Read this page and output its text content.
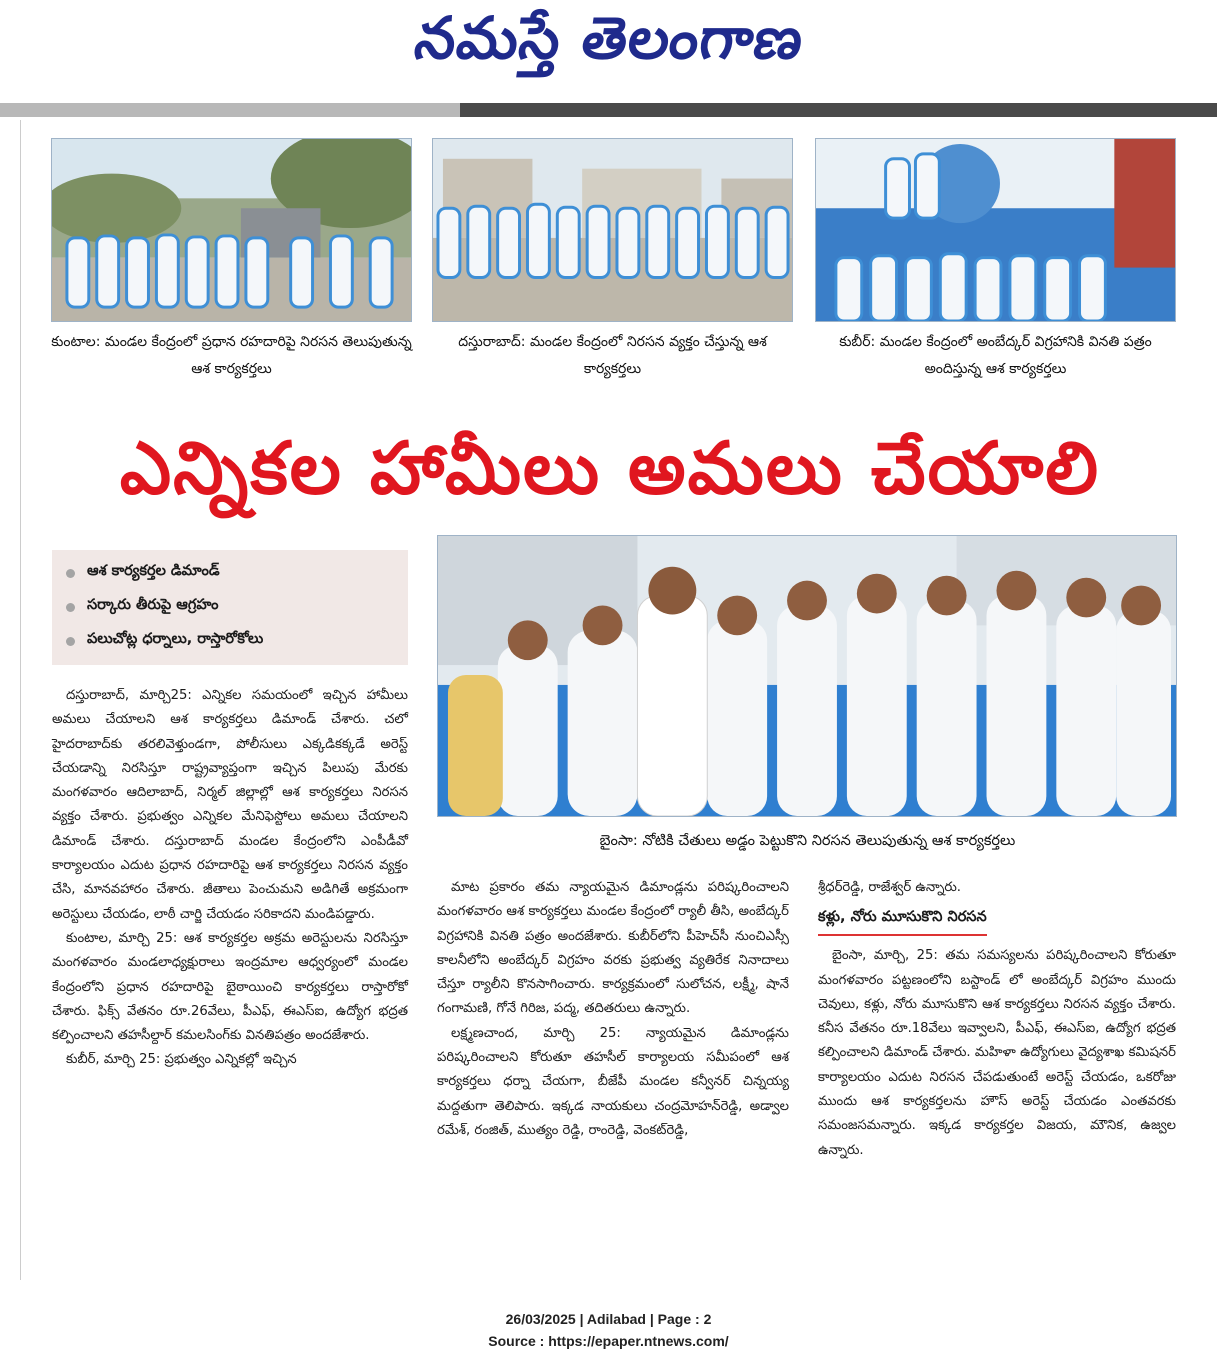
నమస్తే తెలంగాణ
కుంటాల: మండల కేంద్రంలో ప్రధాన రహదారిపై నిరసన తెలుపుతున్న ఆశ కార్యకర్తలు
దస్తురాబాద్: మండల కేంద్రంలో నిరసన వ్యక్తం చేస్తున్న ఆశ కార్యకర్తలు
కుబీర్: మండల కేంద్రంలో అంబేద్కర్ విగ్రహానికి వినతి పత్రం అందిస్తున్న ఆశ కార్యకర్తలు
ఎన్నికల హామీలు అమలు చేయాలి
ఆశ కార్యకర్తల డిమాండ్
సర్కారు తీరుపై ఆగ్రహం
పలుచోట్ల ధర్నాలు, రాస్తారోకోలు
బైంసా: నోటికి చేతులు అడ్డం పెట్టుకొని నిరసన తెలుపుతున్న ఆశ కార్యకర్తలు

దస్తురాబాద్, మార్చి25: ఎన్నికల సమయంలో ఇచ్చిన హామీలు అమలు చేయాలని ఆశ కార్యకర్తలు డిమాండ్ చేశారు. చలో హైదరాబాద్‌కు తరలివెళ్తుండగా, పోలీసులు ఎక్కడికక్కడే అరెస్ట్ చేయడాన్ని నిరసిస్తూ రాష్ట్రవ్యాప్తంగా ఇచ్చిన పిలుపు మేరకు మంగళవారం ఆదిలాబాద్, నిర్మల్ జిల్లాల్లో ఆశ కార్యకర్తలు నిరసన వ్యక్తం చేశారు. ప్రభుత్వం ఎన్నికల మేనిఫెస్టోలు అమలు చేయాలని డిమాండ్ చేశారు. దస్తురాబాద్ మండల కేంద్రంలోని ఎంపీడీవో కార్యాలయం ఎదుట ప్రధాన రహదారిపై ఆశ కార్యకర్తలు నిరసన వ్యక్తం చేసి, మానవహారం చేశారు. జీతాలు పెంచుమని అడిగితే అక్రమంగా అరెస్టులు చేయడం, లాఠీ చార్జి చేయడం సరికాదని మండిపడ్డారు.

కుంటాల, మార్చి 25: ఆశ కార్యకర్తల అక్రమ అరెస్టులను నిరసిస్తూ మంగళవారం మండలాధ్యక్షురాలు ఇంద్రమాల ఆధ్వర్యంలో మండల కేంద్రంలోని ప్రధాన రహదారిపై బైఠాయించి కార్యకర్తలు రాస్తారోకో చేశారు. ఫిక్స్ వేతనం రూ.26వేలు, పీఎఫ్, ఈఎస్ఐ, ఉద్యోగ భద్రత కల్పించాలని తహసీల్దార్ కమలసింగ్‌కు వినతిపత్రం అందజేశారు.

కుబీర్, మార్చి 25: ప్రభుత్వం ఎన్నికల్లో ఇచ్చిన

మాట ప్రకారం తమ న్యాయమైన డిమాండ్లను పరిష్కరించాలని మంగళవారం ఆశ కార్యకర్తలు మండల కేంద్రంలో ర్యాలీ తీసి, అంబేద్కర్ విగ్రహానికి వినతి పత్రం అందజేశారు. కుబీర్‌లోని పీహెచ్‌సీ నుంచిఎస్సీ కాలనీలోని అంబేద్కర్ విగ్రహం వరకు ప్రభుత్వ వ్యతిరేక నినాదాలు చేస్తూ ర్యాలీని కొనసాగించారు. కార్యక్రమంలో సులోచన, లక్ష్మీ, షానే గంగామణి, గోనే గిరిజ, పద్మ, తదితరులు ఉన్నారు.

లక్ష్మణచాంద, మార్చి 25: న్యాయమైన డిమాండ్లను పరిష్కరించాలని కోరుతూ తహసీల్ కార్యాలయ సమీపంలో ఆశ కార్యకర్తలు ధర్నా చేయగా, బీజేపీ మండల కన్వీనర్ చిన్నయ్య మద్దతుగా తెలిపారు. ఇక్కడ నాయకులు చంద్రమోహన్‌రెడ్డి, అడ్వాల రమేశ్, రంజిత్, ముత్యం రెడ్డి, రాంరెడ్డి, వెంకట్‌రెడ్డి,

శ్రీధర్‌రెడ్డి, రాజేశ్వర్ ఉన్నారు.

కళ్లు, నోరు మూసుకొని నిరసన

బైంసా, మార్చి, 25: తమ సమస్యలను పరిష్కరించాలని కోరుతూ మంగళవారం పట్టణంలోని బస్టాండ్ లో అంబేద్కర్ విగ్రహం ముందు చెవులు, కళ్లు, నోరు మూసుకొని ఆశ కార్యకర్తలు నిరసన వ్యక్తం చేశారు. కనీస వేతనం రూ.18వేలు ఇవ్వాలని, పీఎఫ్, ఈఎస్ఐ, ఉద్యోగ భద్రత కల్పించాలని డిమాండ్ చేశారు. మహిళా ఉద్యోగులు వైద్యశాఖ కమిషనర్ కార్యాలయం ఎదుట నిరసన చేపడుతుంటే అరెస్ట్ చేయడం, ఒకరోజు ముందు ఆశ కార్యకర్తలను హౌస్ అరెస్ట్ చేయడం ఎంతవరకు సమంజసమన్నారు. ఇక్కడ కార్యకర్తల విజయ, మౌనిక, ఉజ్వల ఉన్నారు.

26/03/2025 | Adilabad | Page : 2
Source : https://epaper.ntnews.com/
